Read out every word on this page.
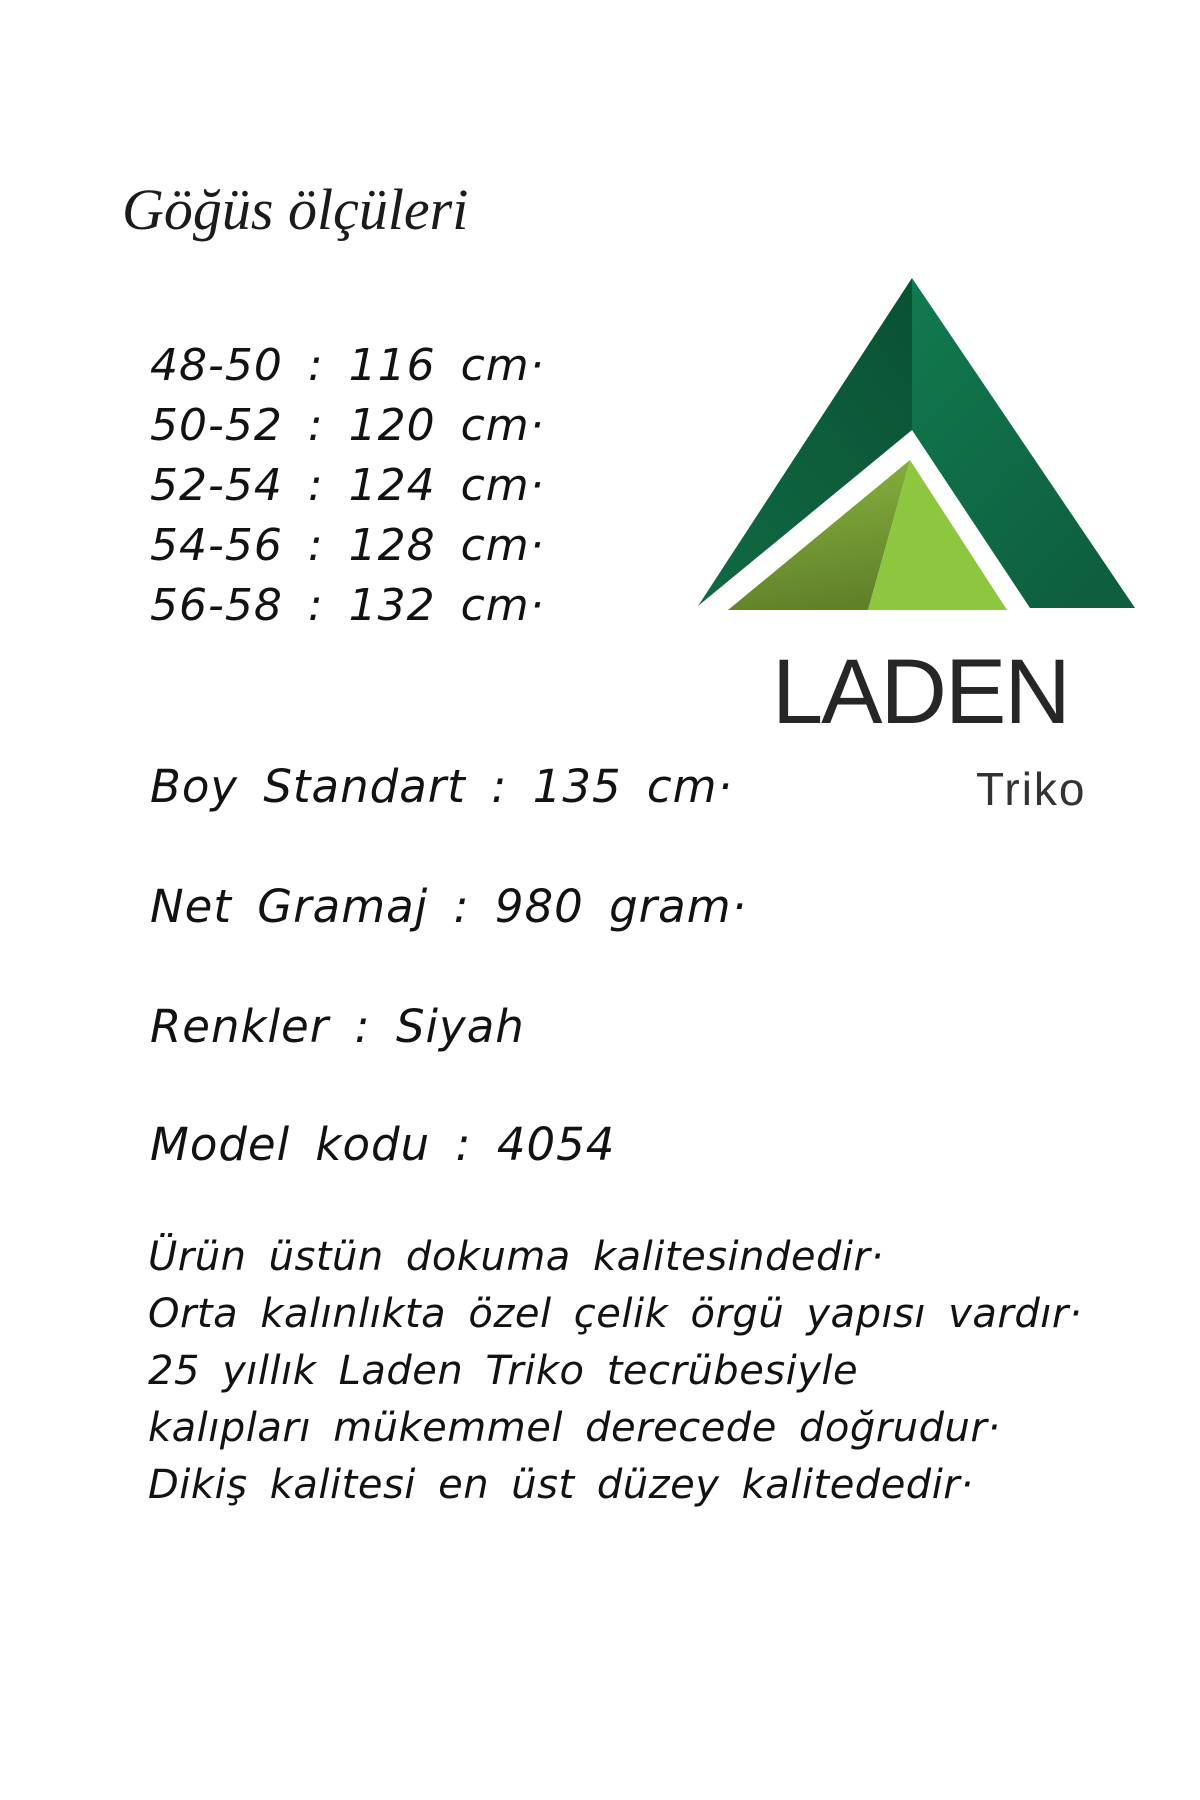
Göğüs ölçüleri
48-50 : 116 cm·
50-52 : 120 cm·
52-54 : 124 cm·
54-56 : 128 cm·
56-58 : 132 cm·
LADEN
Triko
Boy Standart : 135 cm·
Net Gramaj : 980 gram·
Renkler : Siyah
Model kodu : 4054
Ürün üstün dokuma kalitesindedir·
Orta kalınlıkta özel çelik örgü yapısı vardır·
25 yıllık Laden Triko tecrübesiyle
kalıpları mükemmel derecede doğrudur·
Dikiş kalitesi en üst düzey kalitededir·
